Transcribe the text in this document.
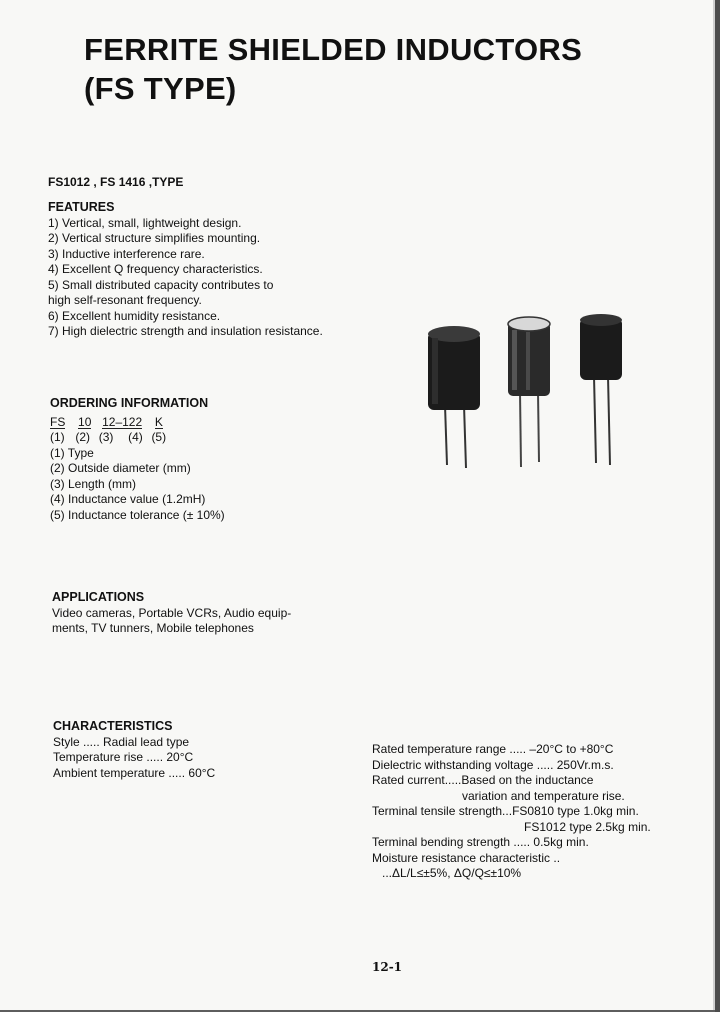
FERRITE SHIELDED INDUCTORS
(FS TYPE)
FS1012 , FS 1416 ,TYPE
FEATURES
1) Vertical, small, lightweight design.
2) Vertical structure simplifies mounting.
3) Inductive interference rare.
4) Excellent Q frequency characteristics.
5) Small distributed capacity contributes to
high self-resonant frequency.
6) Excellent humidity resistance.
7) High dielectric strength and insulation resistance.
ORDERING INFORMATION
FS 10 12–122 K
(1) (2) (3) (4) (5)
(1) Type
(2) Outside diameter (mm)
(3) Length (mm)
(4) Inductance value (1.2mH)
(5) Inductance tolerance (± 10%)
APPLICATIONS
Video cameras, Portable VCRs, Audio equip-
ments, TV tunners, Mobile telephones
CHARACTERISTICS
Style ..... Radial lead type
Temperature rise ..... 20°C
Ambient temperature ..... 60°C
Rated temperature range ..... –20°C to +80°C
Dielectric withstanding voltage ..... 250Vr.m.s.
Rated current.....Based on the inductance
variation and temperature rise.
Terminal tensile strength...FS0810 type 1.0kg min.
FS1012 type 2.5kg min.
Terminal bending strength ..... 0.5kg min.
Moisture resistance characteristic ..
...ΔL/L≤±5%, ΔQ/Q≤±10%
12-1
